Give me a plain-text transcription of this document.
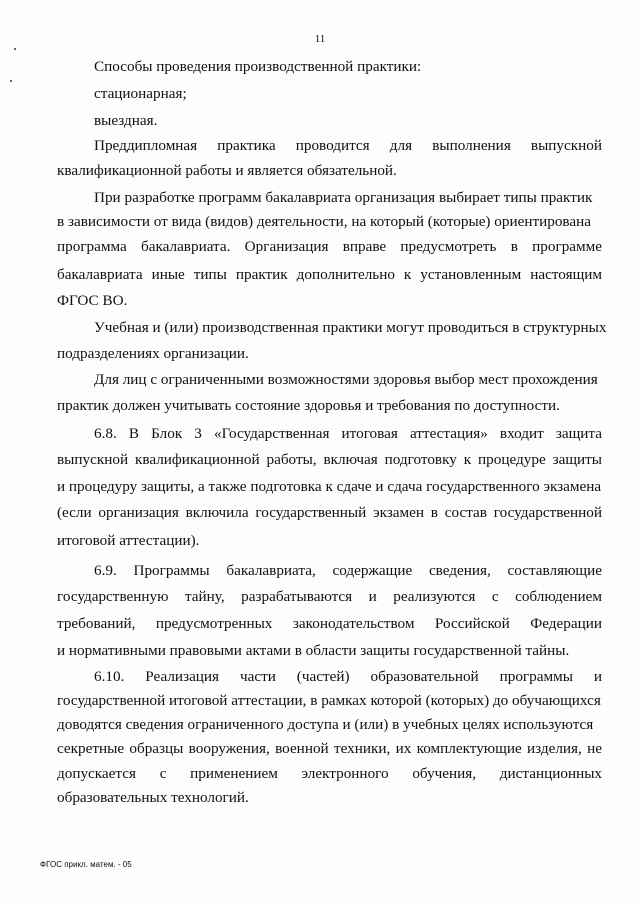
11
Способы проведения производственной практики:
стационарная;
выездная.
Преддипломная практика проводится для выполнения выпускной
квалификационной работы и является обязательной.
При разработке программ бакалавриата организация выбирает типы практик
в зависимости от вида (видов) деятельности, на который (которые) ориентирована
программа бакалавриата. Организация вправе предусмотреть в программе
бакалавриата иные типы практик дополнительно к установленным настоящим
ФГОС ВО.
Учебная и (или) производственная практики могут проводиться в структурных
подразделениях организации.
Для лиц с ограниченными возможностями здоровья выбор мест прохождения
практик должен учитывать состояние здоровья и требования по доступности.
6.8. В Блок 3 «Государственная итоговая аттестация» входит защита
выпускной квалификационной работы, включая подготовку к процедуре защиты
и процедуру защиты, а также подготовка к сдаче и сдача государственного экзамена
(если организация включила государственный экзамен в состав государственной
итоговой аттестации).
6.9. Программы бакалавриата, содержащие сведения, составляющие
государственную тайну, разрабатываются и реализуются с соблюдением
требований, предусмотренных законодательством Российской Федерации
и нормативными правовыми актами в области защиты государственной тайны.
6.10. Реализация части (частей) образовательной программы и
государственной итоговой аттестации, в рамках которой (которых) до обучающихся
доводятся сведения ограниченного доступа и (или) в учебных целях используются
секретные образцы вооружения, военной техники, их комплектующие изделия, не
допускается с применением электронного обучения, дистанционных
образовательных технологий.
ФГОС прикл. матем. - 05
